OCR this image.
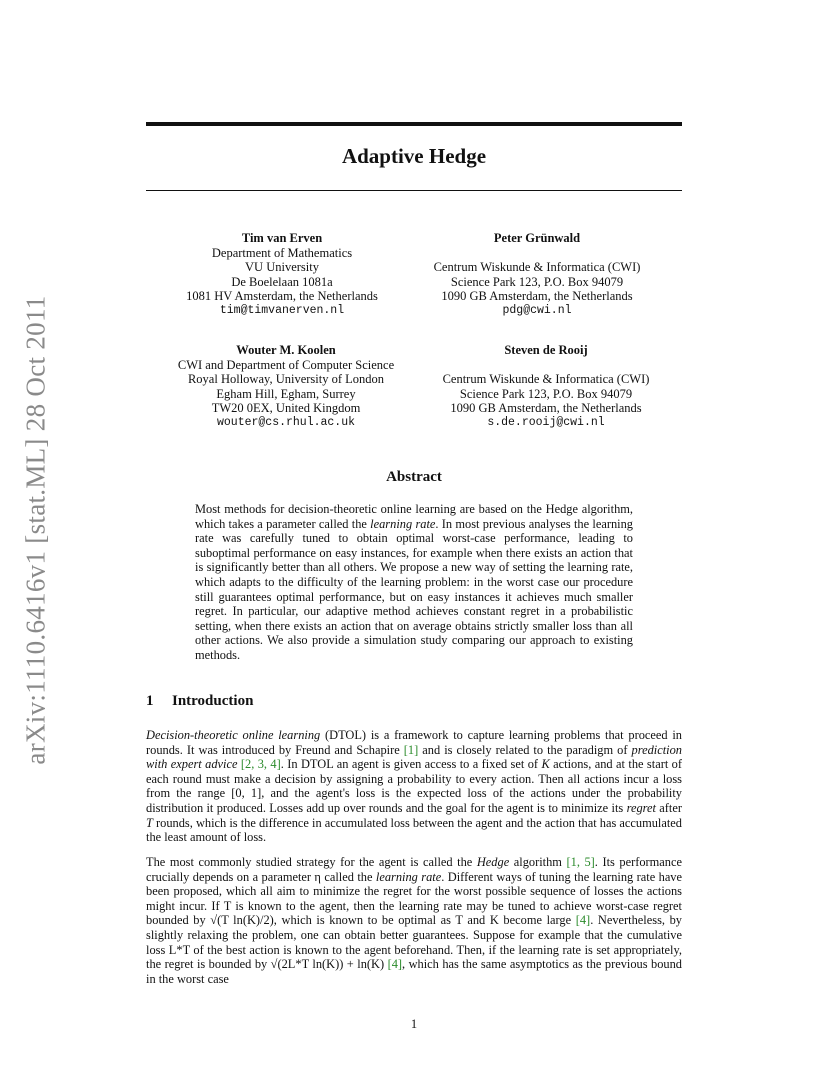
Adaptive Hedge
arXiv:1110.6416v1 [stat.ML] 28 Oct 2011
Tim van Erven
Department of Mathematics
VU University
De Boelelaan 1081a
1081 HV Amsterdam, the Netherlands
tim@timvanerven.nl
Peter Grünwald
Centrum Wiskunde & Informatica (CWI)
Science Park 123, P.O. Box 94079
1090 GB Amsterdam, the Netherlands
pdg@cwi.nl
Wouter M. Koolen
CWI and Department of Computer Science
Royal Holloway, University of London
Egham Hill, Egham, Surrey
TW20 0EX, United Kingdom
wouter@cs.rhul.ac.uk
Steven de Rooij
Centrum Wiskunde & Informatica (CWI)
Science Park 123, P.O. Box 94079
1090 GB Amsterdam, the Netherlands
s.de.rooij@cwi.nl
Abstract
Most methods for decision-theoretic online learning are based on the Hedge algorithm, which takes a parameter called the learning rate. In most previous analyses the learning rate was carefully tuned to obtain optimal worst-case performance, leading to suboptimal performance on easy instances, for example when there exists an action that is significantly better than all others. We propose a new way of setting the learning rate, which adapts to the difficulty of the learning problem: in the worst case our procedure still guarantees optimal performance, but on easy instances it achieves much smaller regret. In particular, our adaptive method achieves constant regret in a probabilistic setting, when there exists an action that on average obtains strictly smaller loss than all other actions. We also provide a simulation study comparing our approach to existing methods.
1 Introduction
Decision-theoretic online learning (DTOL) is a framework to capture learning problems that proceed in rounds. It was introduced by Freund and Schapire [1] and is closely related to the paradigm of prediction with expert advice [2, 3, 4]. In DTOL an agent is given access to a fixed set of K actions, and at the start of each round must make a decision by assigning a probability to every action. Then all actions incur a loss from the range [0, 1], and the agent's loss is the expected loss of the actions under the probability distribution it produced. Losses add up over rounds and the goal for the agent is to minimize its regret after T rounds, which is the difference in accumulated loss between the agent and the action that has accumulated the least amount of loss.
The most commonly studied strategy for the agent is called the Hedge algorithm [1, 5]. Its performance crucially depends on a parameter η called the learning rate. Different ways of tuning the learning rate have been proposed, which all aim to minimize the regret for the worst possible sequence of losses the actions might incur. If T is known to the agent, then the learning rate may be tuned to achieve worst-case regret bounded by √(T ln(K)/2), which is known to be optimal as T and K become large [4]. Nevertheless, by slightly relaxing the problem, one can obtain better guarantees. Suppose for example that the cumulative loss L*T of the best action is known to the agent beforehand. Then, if the learning rate is set appropriately, the regret is bounded by √(2L*T ln(K)) + ln(K) [4], which has the same asymptotics as the previous bound in the worst case
1
